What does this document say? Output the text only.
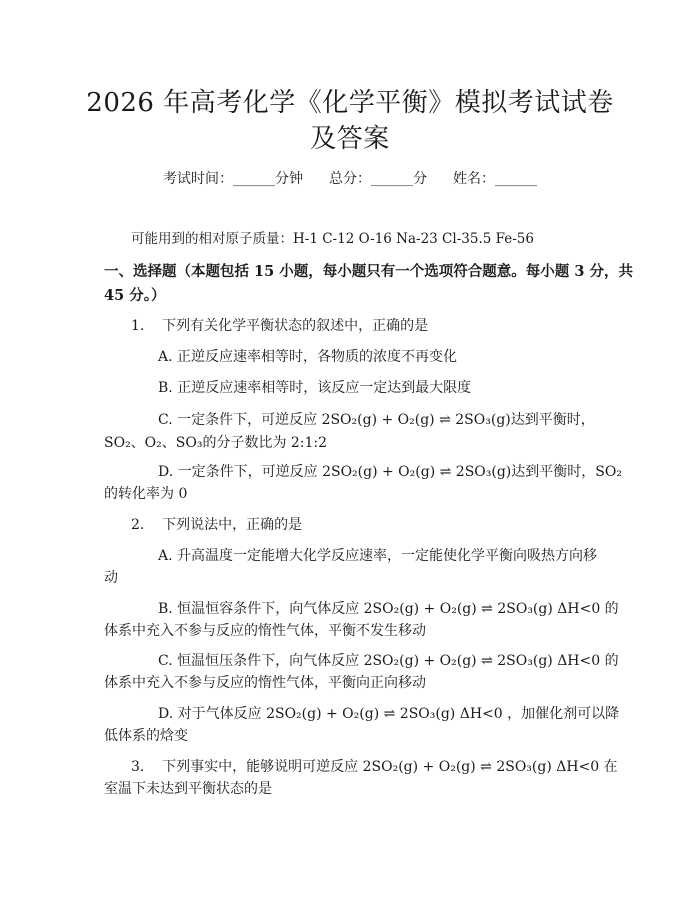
2026 年高考化学《化学平衡》模拟考试试卷
及答案
考试时间：______分钟 总分：______分 姓名：______
可能用到的相对原子质量：H-1 C-12 O-16 Na-23 Cl-35.5 Fe-56
一、选择题（本题包括 15 小题，每小题只有一个选项符合题意。每小题 3 分，共
45 分。）
1. 下列有关化学平衡状态的叙述中，正确的是
A. 正逆反应速率相等时，各物质的浓度不再变化
B. 正逆反应速率相等时，该反应一定达到最大限度
C. 一定条件下，可逆反应 2SO₂(g) + O₂(g) ⇌ 2SO₃(g)达到平衡时，
SO₂、O₂、SO₃的分子数比为 2:1:2
D. 一定条件下，可逆反应 2SO₂(g) + O₂(g) ⇌ 2SO₃(g)达到平衡时，SO₂
的转化率为 0
2. 下列说法中，正确的是
A. 升高温度一定能增大化学反应速率，一定能使化学平衡向吸热方向移
动
B. 恒温恒容条件下，向气体反应 2SO₂(g) + O₂(g) ⇌ 2SO₃(g) ΔH<0 的
体系中充入不参与反应的惰性气体，平衡不发生移动
C. 恒温恒压条件下，向气体反应 2SO₂(g) + O₂(g) ⇌ 2SO₃(g) ΔH<0 的
体系中充入不参与反应的惰性气体，平衡向正向移动
D. 对于气体反应 2SO₂(g) + O₂(g) ⇌ 2SO₃(g) ΔH<0 ，加催化剂可以降
低体系的焓变
3. 下列事实中，能够说明可逆反应 2SO₂(g) + O₂(g) ⇌ 2SO₃(g) ΔH<0 在
室温下未达到平衡状态的是
